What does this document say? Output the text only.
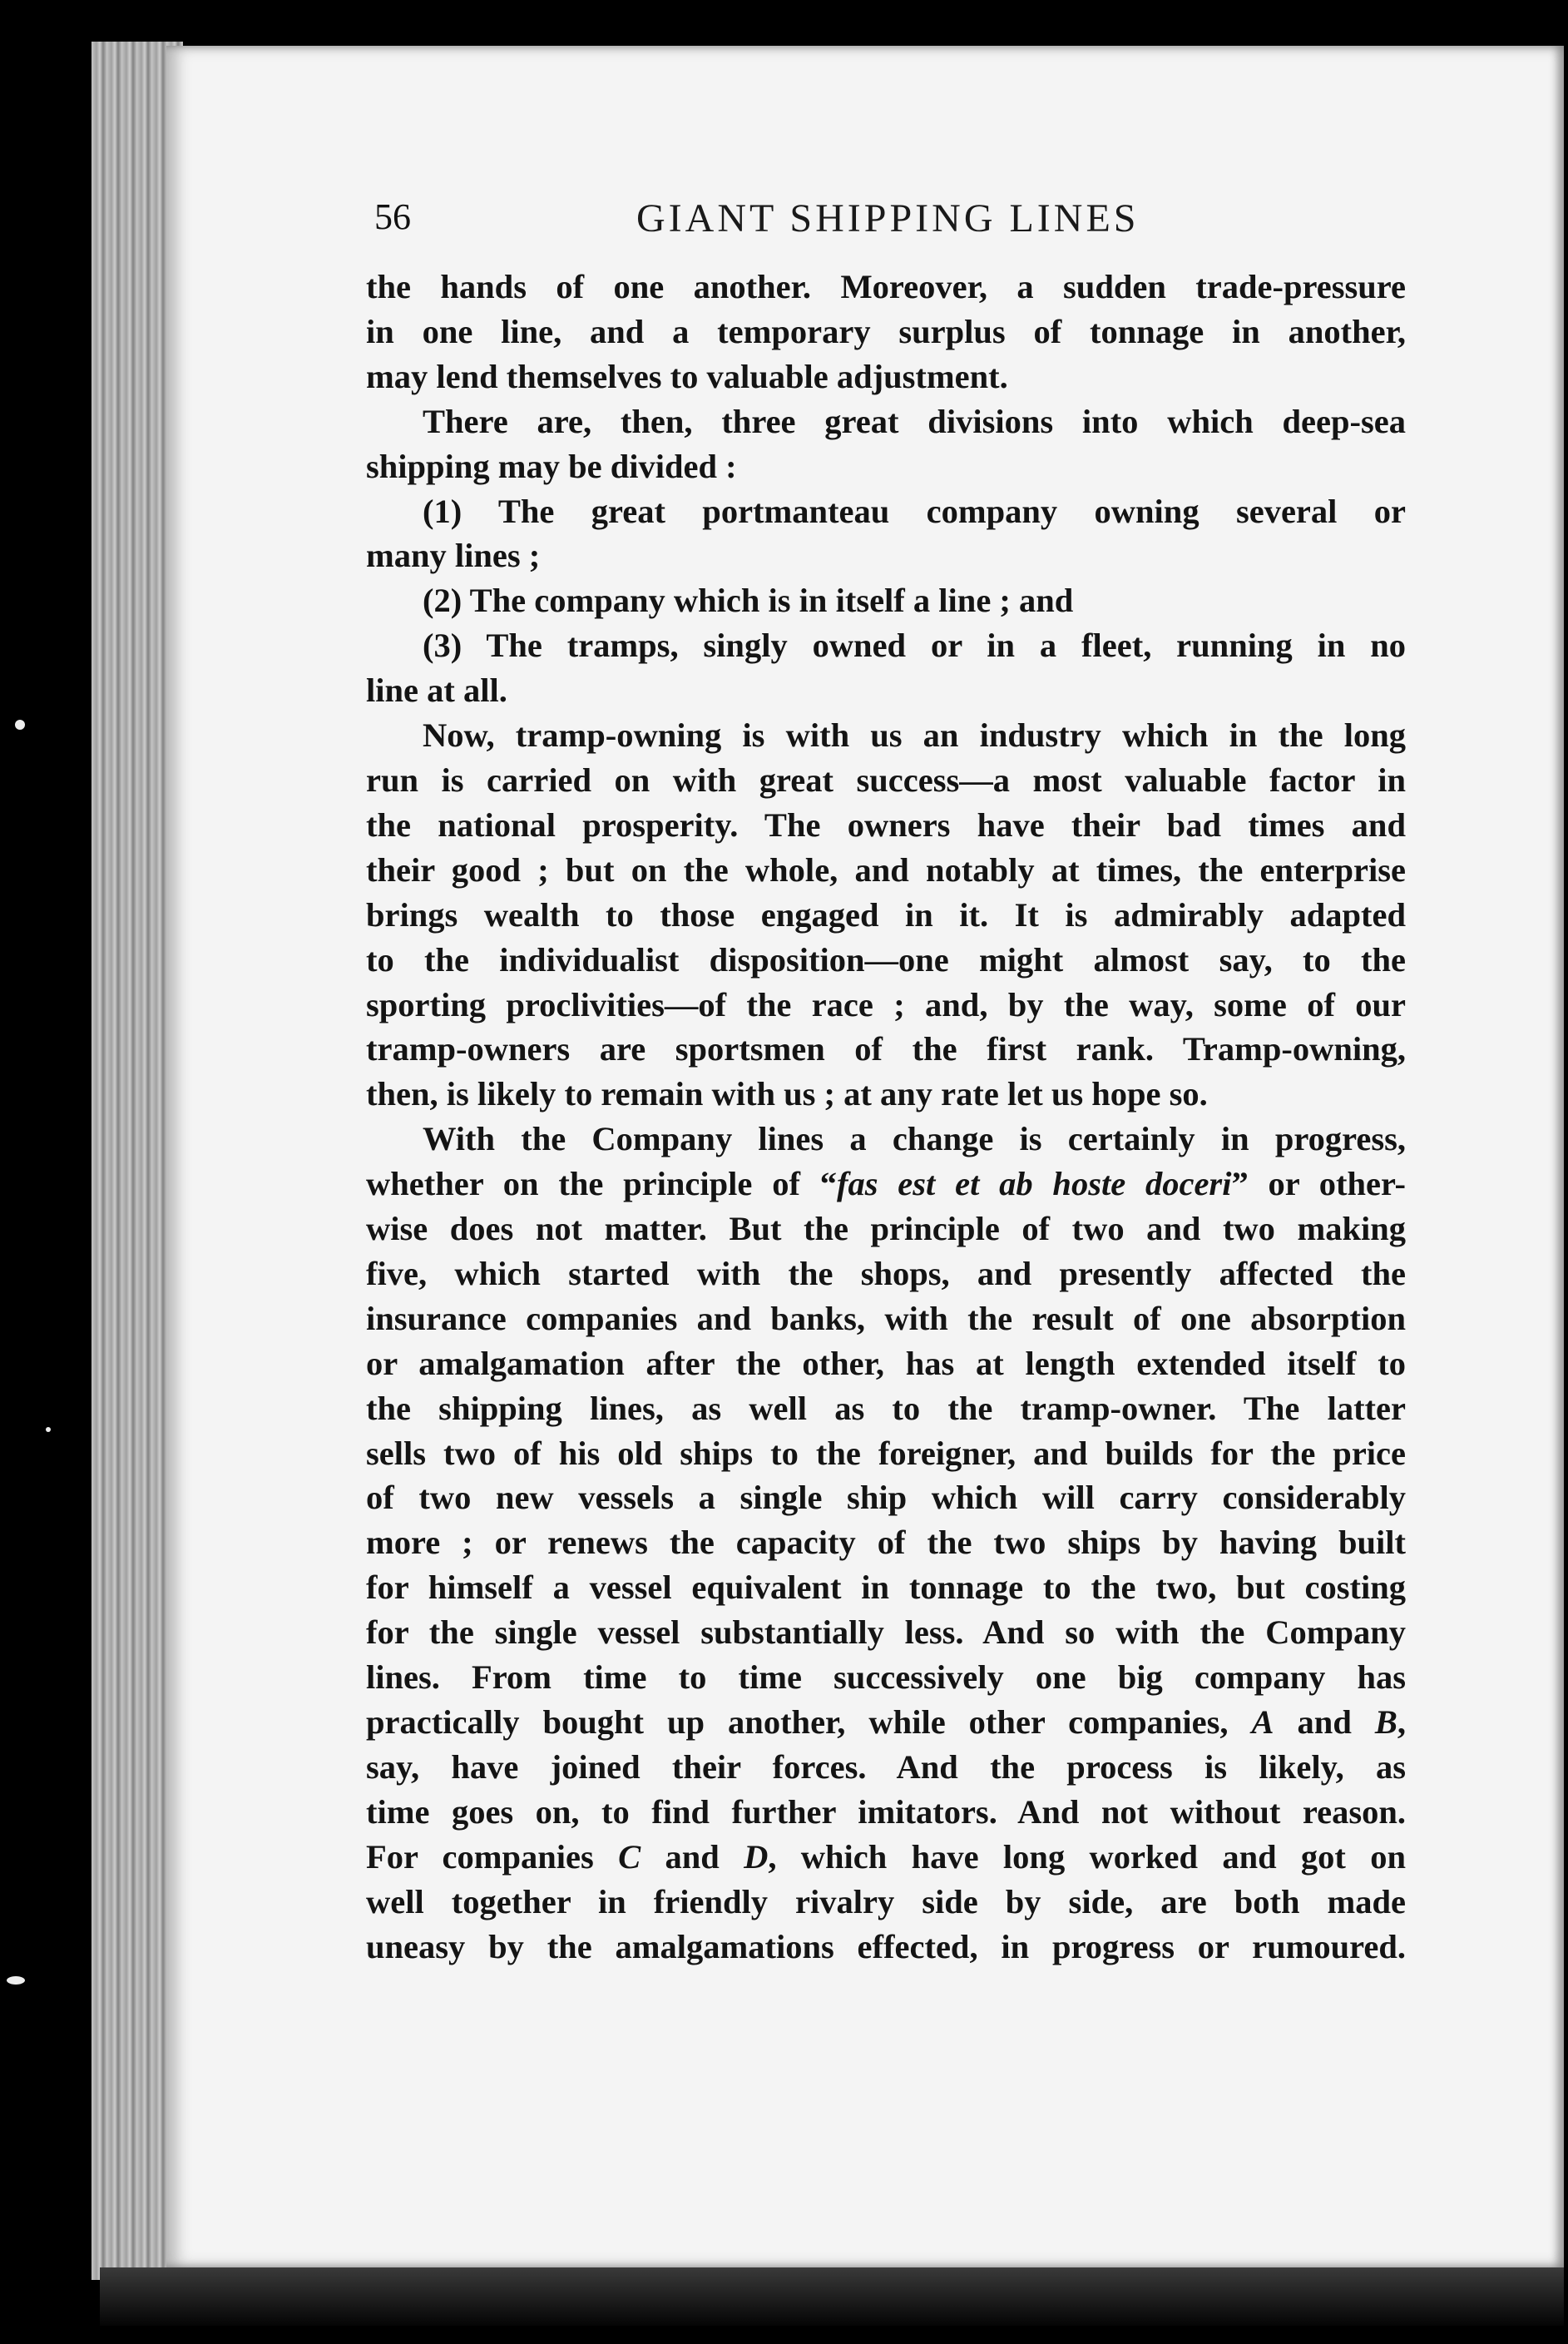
56	GIANT SHIPPING LINES
the hands of one another. Moreover, a sudden trade-pressure
in one line, and a temporary surplus of tonnage in another,
may lend themselves to valuable adjustment.
There are, then, three great divisions into which deep-sea
shipping may be divided :
(1) The great portmanteau company owning several or
many lines ;
(2) The company which is in itself a line ; and
(3) The tramps, singly owned or in a fleet, running in no
line at all.
Now, tramp-owning is with us an industry which in the long
run is carried on with great success—a most valuable factor in
the national prosperity. The owners have their bad times and
their good ; but on the whole, and notably at times, the enterprise
brings wealth to those engaged in it. It is admirably adapted
to the individualist disposition—one might almost say, to the
sporting proclivities—of the race ; and, by the way, some of our
tramp-owners are sportsmen of the first rank. Tramp-owning,
then, is likely to remain with us ; at any rate let us hope so.
With the Company lines a change is certainly in progress,
whether on the principle of “fas est et ab hoste doceri” or other-
wise does not matter. But the principle of two and two making
five, which started with the shops, and presently affected the
insurance companies and banks, with the result of one absorption
or amalgamation after the other, has at length extended itself to
the shipping lines, as well as to the tramp-owner. The latter
sells two of his old ships to the foreigner, and builds for the price
of two new vessels a single ship which will carry considerably
more ; or renews the capacity of the two ships by having built
for himself a vessel equivalent in tonnage to the two, but costing
for the single vessel substantially less. And so with the Company
lines. From time to time successively one big company has
practically bought up another, while other companies, A and B,
say, have joined their forces. And the process is likely, as
time goes on, to find further imitators. And not without reason.
For companies C and D, which have long worked and got on
well together in friendly rivalry side by side, are both made
uneasy by the amalgamations effected, in progress or rumoured.
